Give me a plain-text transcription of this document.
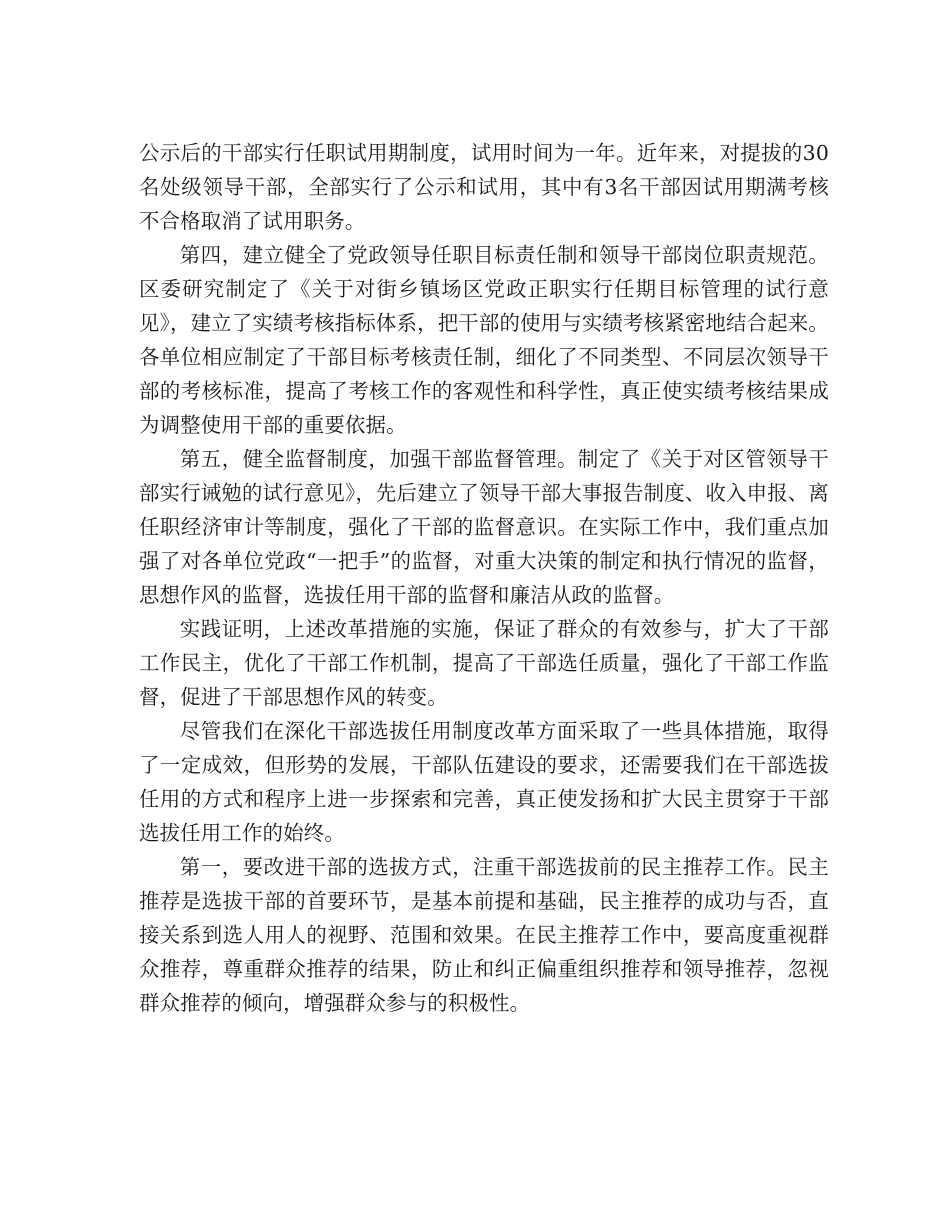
公示后的干部实行任职试用期制度，试用时间为一年。近年来，对提拔的30名处级领导干部，全部实行了公示和试用，其中有3名干部因试用期满考核不合格取消了试用职务。

第四，建立健全了党政领导任职目标责任制和领导干部岗位职责规范。区委研究制定了《关于对街乡镇场区党政正职实行任期目标管理的试行意见》，建立了实绩考核指标体系，把干部的使用与实绩考核紧密地结合起来。各单位相应制定了干部目标考核责任制，细化了不同类型、不同层次领导干部的考核标准，提高了考核工作的客观性和科学性，真正使实绩考核结果成为调整使用干部的重要依据。

第五，健全监督制度，加强干部监督管理。制定了《关于对区管领导干部实行诫勉的试行意见》，先后建立了领导干部大事报告制度、收入申报、离任职经济审计等制度，强化了干部的监督意识。在实际工作中，我们重点加强了对各单位党政“一把手”的监督，对重大决策的制定和执行情况的监督，思想作风的监督，选拔任用干部的监督和廉洁从政的监督。

实践证明，上述改革措施的实施，保证了群众的有效参与，扩大了干部工作民主，优化了干部工作机制，提高了干部选任质量，强化了干部工作监督，促进了干部思想作风的转变。

尽管我们在深化干部选拔任用制度改革方面采取了一些具体措施，取得了一定成效，但形势的发展，干部队伍建设的要求，还需要我们在干部选拔任用的方式和程序上进一步探索和完善，真正使发扬和扩大民主贯穿于干部选拔任用工作的始终。

第一，要改进干部的选拔方式，注重干部选拔前的民主推荐工作。民主推荐是选拔干部的首要环节，是基本前提和基础，民主推荐的成功与否，直接关系到选人用人的视野、范围和效果。在民主推荐工作中，要高度重视群众推荐，尊重群众推荐的结果，防止和纠正偏重组织推荐和领导推荐，忽视群众推荐的倾向，增强群众参与的积极性。
